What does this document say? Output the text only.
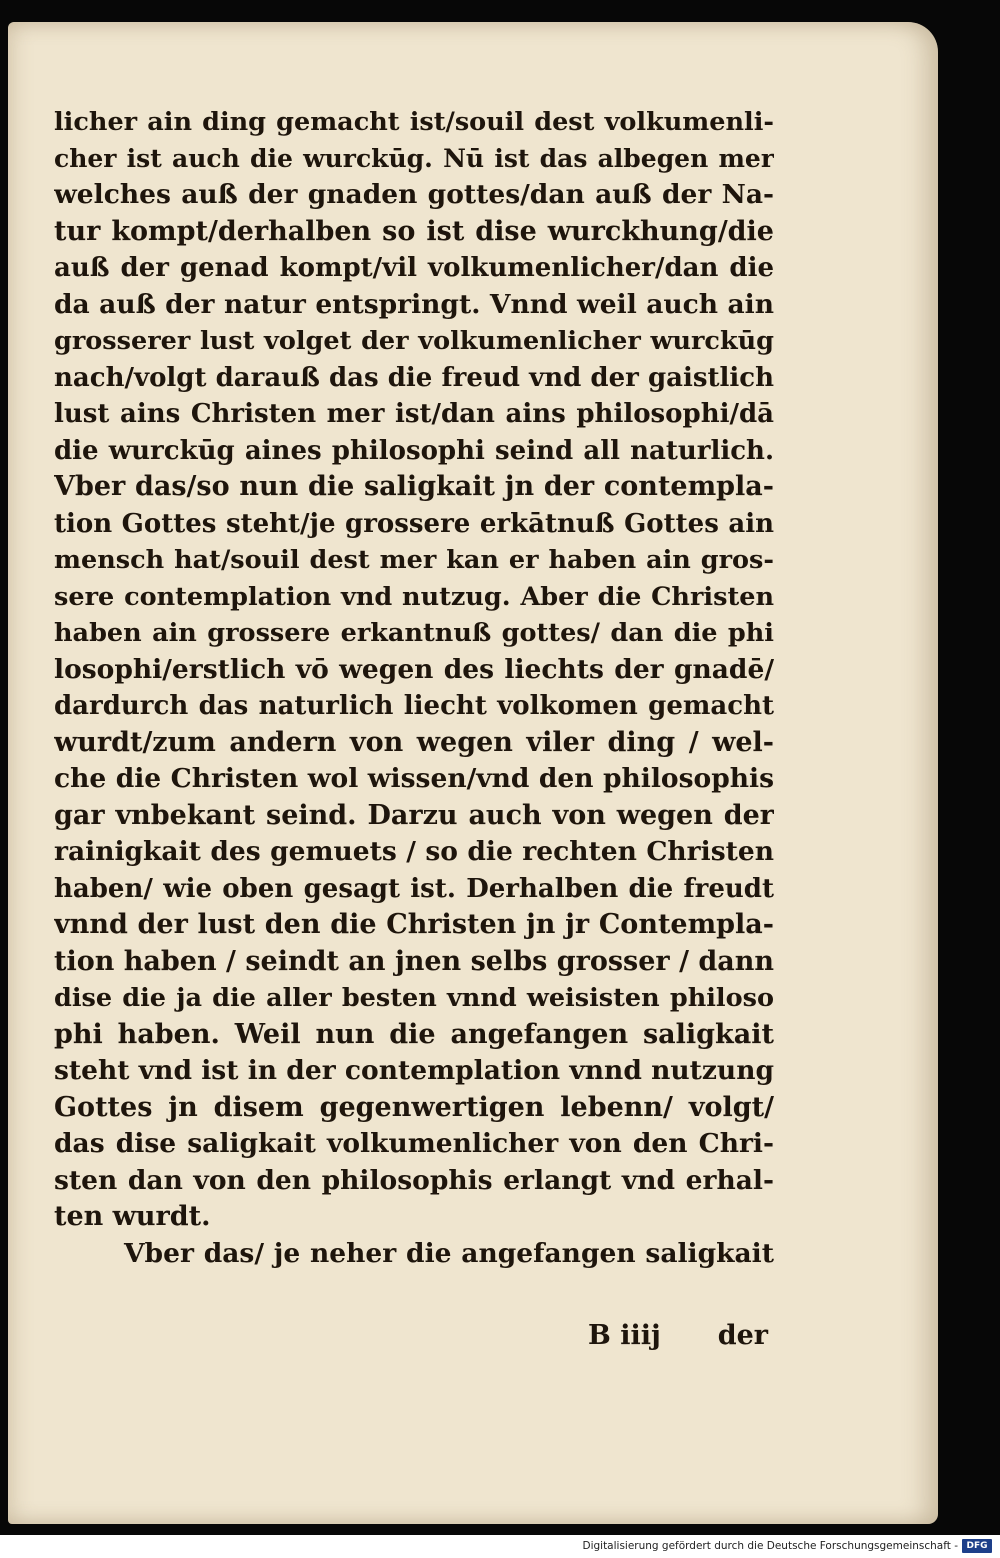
licher ain ding gemacht ist/souil dest volkumenli-
cher ist auch die wurckūg. Nū ist das albegen mer
welches auß der gnaden gottes/dan auß der Na-
tur kompt/derhalben so ist dise wurckhung/die
auß der genad kompt/vil volkumenlicher/dan die
da auß der natur entspringt. Vnnd weil auch ain
grosserer lust volget der volkumenlicher wurckūg
nach/volgt darauß das die freud vnd der gaistlich
lust ains Christen mer ist/dan ains philosophi/dā
die wurckūg aines philosophi seind all naturlich.
Vber das/so nun die saligkait jn der contempla-
tion Gottes steht/je grossere erkātnuß Gottes ain
mensch hat/souil dest mer kan er haben ain gros-
sere contemplation vnd nutzug. Aber die Christen
haben ain grossere erkantnuß gottes/ dan die phi
losophi/erstlich vō wegen des liechts der gnadē/
dardurch das naturlich liecht volkomen gemacht
wurdt/zum andern von wegen viler ding / wel-
che die Christen wol wissen/vnd den philosophis
gar vnbekant seind. Darzu auch von wegen der
rainigkait des gemuets / so die rechten Christen
haben/ wie oben gesagt ist. Derhalben die freudt
vnnd der lust den die Christen jn jr Contempla-
tion haben / seindt an jnen selbs grosser / dann
dise die ja die aller besten vnnd weisisten philoso
phi haben. Weil nun die angefangen saligkait
steht vnd ist in der contemplation vnnd nutzung
Gottes jn disem gegenwertigen lebenn/ volgt/
das dise saligkait volkumenlicher von den Chri-
sten dan von den philosophis erlangt vnd erhal-
ten wurdt.
Vber das/ je neher die angefangen saligkait
B iiij der
Digitalisierung gefördert durch die Deutsche Forschungsgemeinschaft - DFG
